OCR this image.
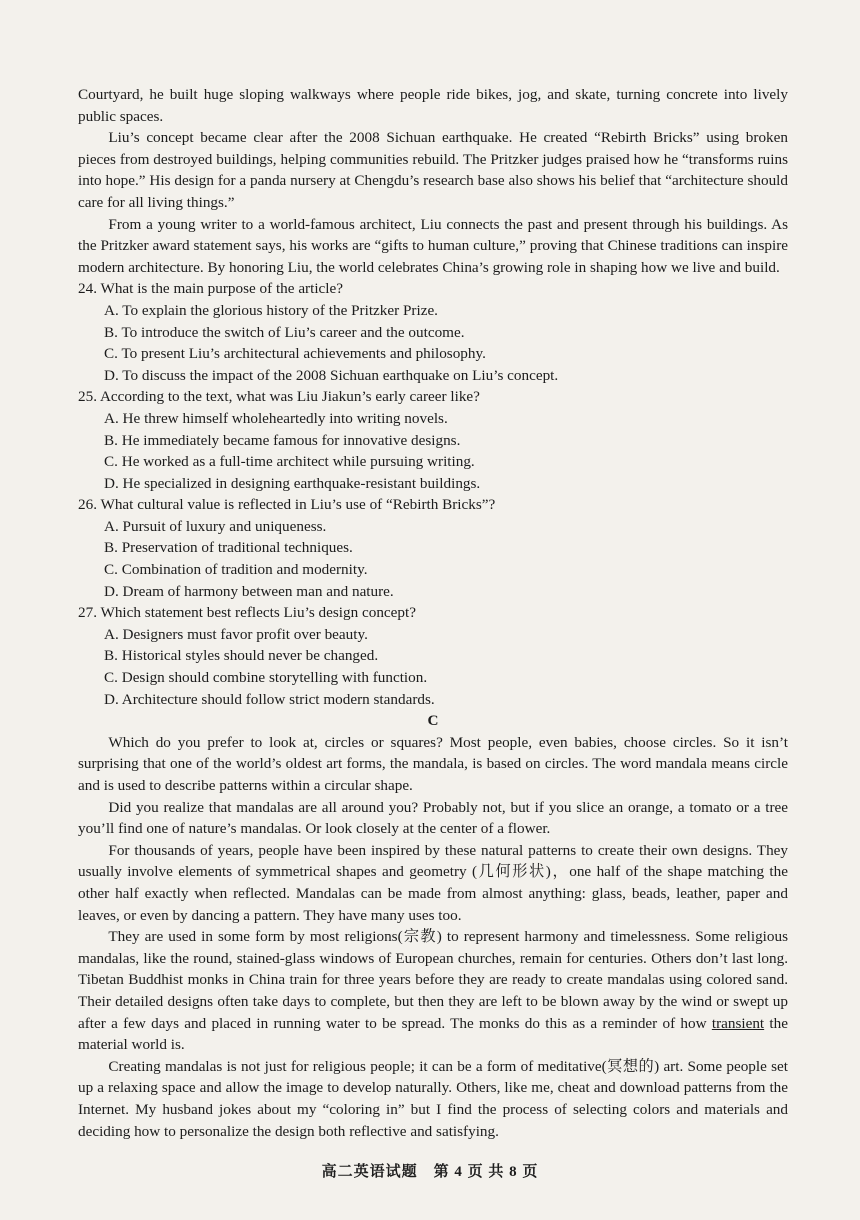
Courtyard, he built huge sloping walkways where people ride bikes, jog, and skate, turning concrete into lively public spaces.

Liu’s concept became clear after the 2008 Sichuan earthquake. He created “Rebirth Bricks” using broken pieces from destroyed buildings, helping communities rebuild. The Pritzker judges praised how he “transforms ruins into hope.” His design for a panda nursery at Chengdu’s research base also shows his belief that “architecture should care for all living things.”

From a young writer to a world-famous architect, Liu connects the past and present through his buildings. As the Pritzker award statement says, his works are “gifts to human culture,” proving that Chinese traditions can inspire modern architecture. By honoring Liu, the world celebrates China’s growing role in shaping how we live and build.

24. What is the main purpose of the article?

A. To explain the glorious history of the Pritzker Prize.

B. To introduce the switch of Liu’s career and the outcome.

C. To present Liu’s architectural achievements and philosophy.

D. To discuss the impact of the 2008 Sichuan earthquake on Liu’s concept.

25. According to the text, what was Liu Jiakun’s early career like?

A. He threw himself wholeheartedly into writing novels.

B. He immediately became famous for innovative designs.

C. He worked as a full-time architect while pursuing writing.

D. He specialized in designing earthquake-resistant buildings.

26. What cultural value is reflected in Liu’s use of “Rebirth Bricks”?

A. Pursuit of luxury and uniqueness.

B. Preservation of traditional techniques.

C. Combination of tradition and modernity.

D. Dream of harmony between man and nature.

27. Which statement best reflects Liu’s design concept?

A. Designers must favor profit over beauty.

B. Historical styles should never be changed.

C. Design should combine storytelling with function.

D. Architecture should follow strict modern standards.

C

Which do you prefer to look at, circles or squares? Most people, even babies, choose circles. So it isn’t surprising that one of the world’s oldest art forms, the mandala, is based on circles. The word mandala means circle and is used to describe patterns within a circular shape.

Did you realize that mandalas are all around you? Probably not, but if you slice an orange, a tomato or a tree you’ll find one of nature’s mandalas. Or look closely at the center of a flower.

For thousands of years, people have been inspired by these natural patterns to create their own designs. They usually involve elements of symmetrical shapes and geometry (几何形状)，one half of the shape matching the other half exactly when reflected. Mandalas can be made from almost anything: glass, beads, leather, paper and leaves, or even by dancing a pattern. They have many uses too.

They are used in some form by most religions(宗教) to represent harmony and timelessness. Some religious mandalas, like the round, stained-glass windows of European churches, remain for centuries. Others don’t last long. Tibetan Buddhist monks in China train for three years before they are ready to create mandalas using colored sand. Their detailed designs often take days to complete, but then they are left to be blown away by the wind or swept up after a few days and placed in running water to be spread. The monks do this as a reminder of how transient the material world is.

Creating mandalas is not just for religious people; it can be a form of meditative(冥想的) art. Some people set up a relaxing space and allow the image to develop naturally. Others, like me, cheat and download patterns from the Internet. My husband jokes about my “coloring in” but I find the process of selecting colors and materials and deciding how to personalize the design both reflective and satisfying.

高二英语试题　第 4 页 共 8 页
